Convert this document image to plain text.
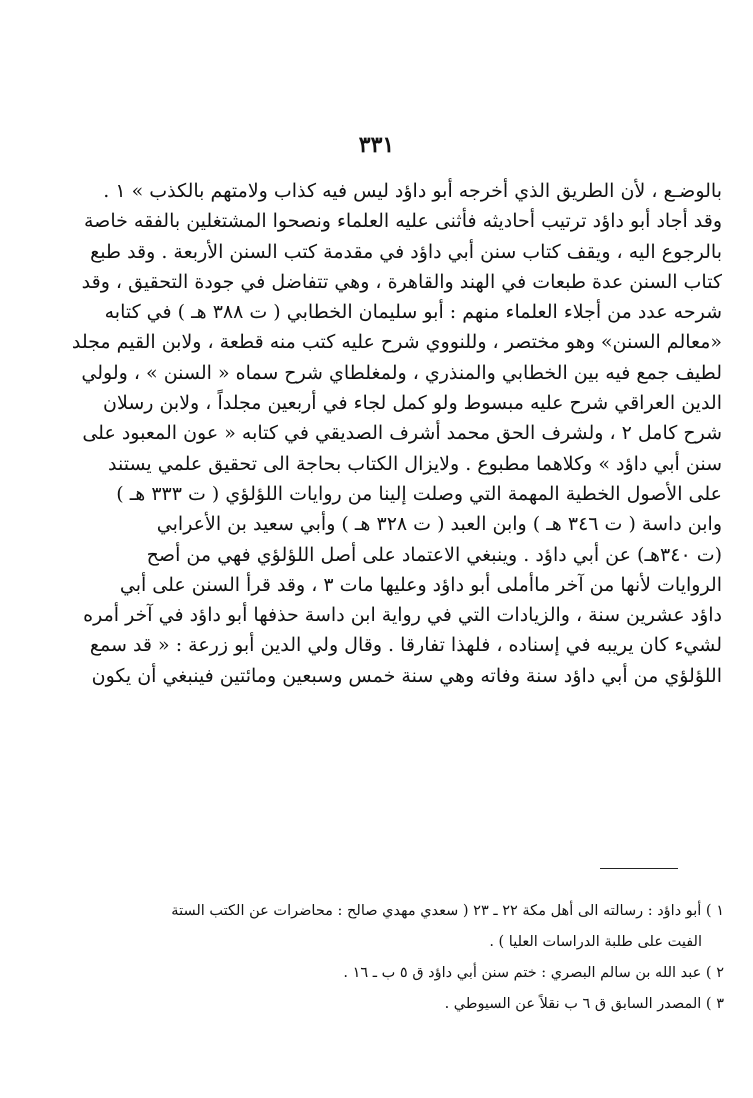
٣٣١
بالوضـع ، لأن الطريق الذي أخرجه أبو داؤد ليس فيه كذاب ولامتهم بالكذب » ١ .
وقد أجاد أبو داؤد ترتيب أحاديثه فأثنى عليه العلماء ونصحوا المشتغلين بالفقه خاصة
بالرجوع اليه ، ويقف كتاب سنن أبي داؤد في مقدمة كتب السنن الأربعة . وقد طبع
كتاب السنن عدة طبعات في الهند والقاهرة ، وهي تتفاضل في جودة التحقيق ، وقد
شرحه عدد من أجلاء العلماء منهم : أبو سليمان الخطابي ( ت ٣٨٨ هـ ) في كتابه
«معالم السنن» وهو مختصر ، وللنووي شرح عليه كتب منه قطعة ، ولابن القيم مجلد
لطيف جمع فيه بين الخطابي والمنذري ، ولمغلطاي شرح سماه « السنن » ، ولولي
الدين العراقي شرح عليه مبسوط ولو كمل لجاء في أربعين مجلداً ، ولابن رسلان
شرح كامل ٢ ، ولشرف الحق محمد أشرف الصديقي في كتابه « عون المعبود على
سنن أبي داؤد » وكلاهما مطبوع . ولايزال الكتاب بحاجة الى تحقيق علمي يستند
على الأصول الخطية المهمة التي وصلت إلينا من روايات اللؤلؤي ( ت ٣٣٣ هـ )
وابن داسة ( ت ٣٤٦ هـ ) وابن العبد ( ت ٣٢٨ هـ ) وأبي سعيد بن الأعرابي
(ت ٣٤٠هـ) عن أبي داؤد . وينبغي الاعتماد على أصل اللؤلؤي فهي من أصح
الروايات لأنها من آخر ماأملى أبو داؤد وعليها مات ٣ ، وقد قرأ السنن على أبي
داؤد عشرين سنة ، والزيادات التي في رواية ابن داسة حذفها أبو داؤد في آخر أمره
لشيء كان يريبه في إسناده ، فلهذا تفارقا . وقال ولي الدين أبو زرعة : « قد سمع
اللؤلؤي من أبي داؤد سنة وفاته وهي سنة خمس وسبعين ومائتين فينبغي أن يكون
١ ) أبو داؤد : رسالته الى أهل مكة ٢٢ ـ ٢٣ ( سعدي مهدي صالح : محاضرات عن الكتب الستة
الفيت على طلبة الدراسات العليا ) .
٢ ) عبد الله بن سالم البصري : ختم سنن أبي داؤد ق ٥ ب ـ ١٦ .
٣ ) المصدر السابق ق ٦ ب نقلاً عن السيوطي .
